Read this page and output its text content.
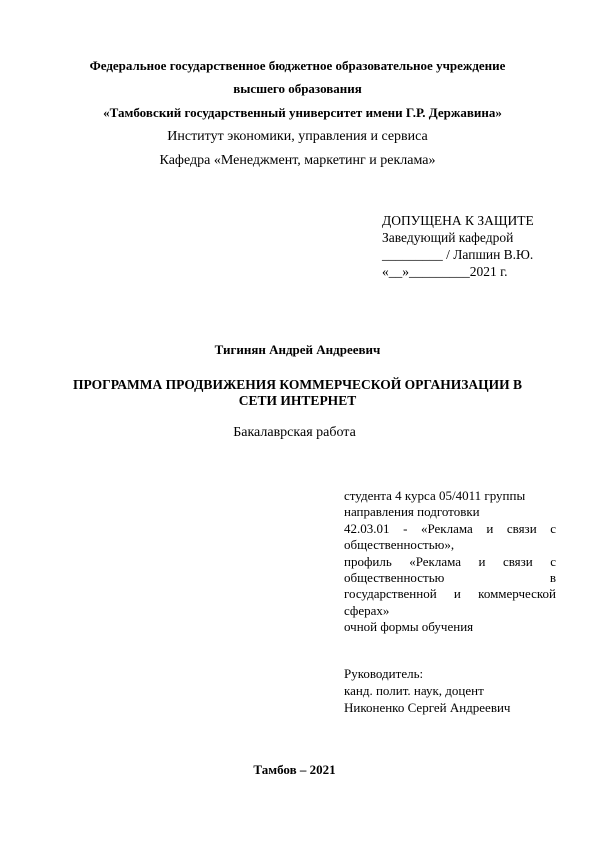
Федеральное государственное бюджетное образовательное учреждение
высшего образования
«Тамбовский государственный университет имени Г.Р. Державина»
Институт экономики, управления и сервиса
Кафедра «Менеджмент, маркетинг и реклама»
ДОПУЩЕНА К ЗАЩИТЕ
Заведующий кафедрой
_________ / Лапшин В.Ю.
«__»_________2021 г.
Тигинян Андрей Андреевич
ПРОГРАММА ПРОДВИЖЕНИЯ КОММЕРЧЕСКОЙ ОРГАНИЗАЦИИ В
СЕТИ ИНТЕРНЕТ
Бакалаврская работа
студента 4 курса 05/4011 группы
направления подготовки
42.03.01 - «Реклама и связи с
общественностью»,
профиль «Реклама и связи с
общественностью в
государственной и коммерческой
сферах»
очной формы обучения
Руководитель:
канд. полит. наук, доцент
Никоненко Сергей Андреевич
Тамбов – 2021
